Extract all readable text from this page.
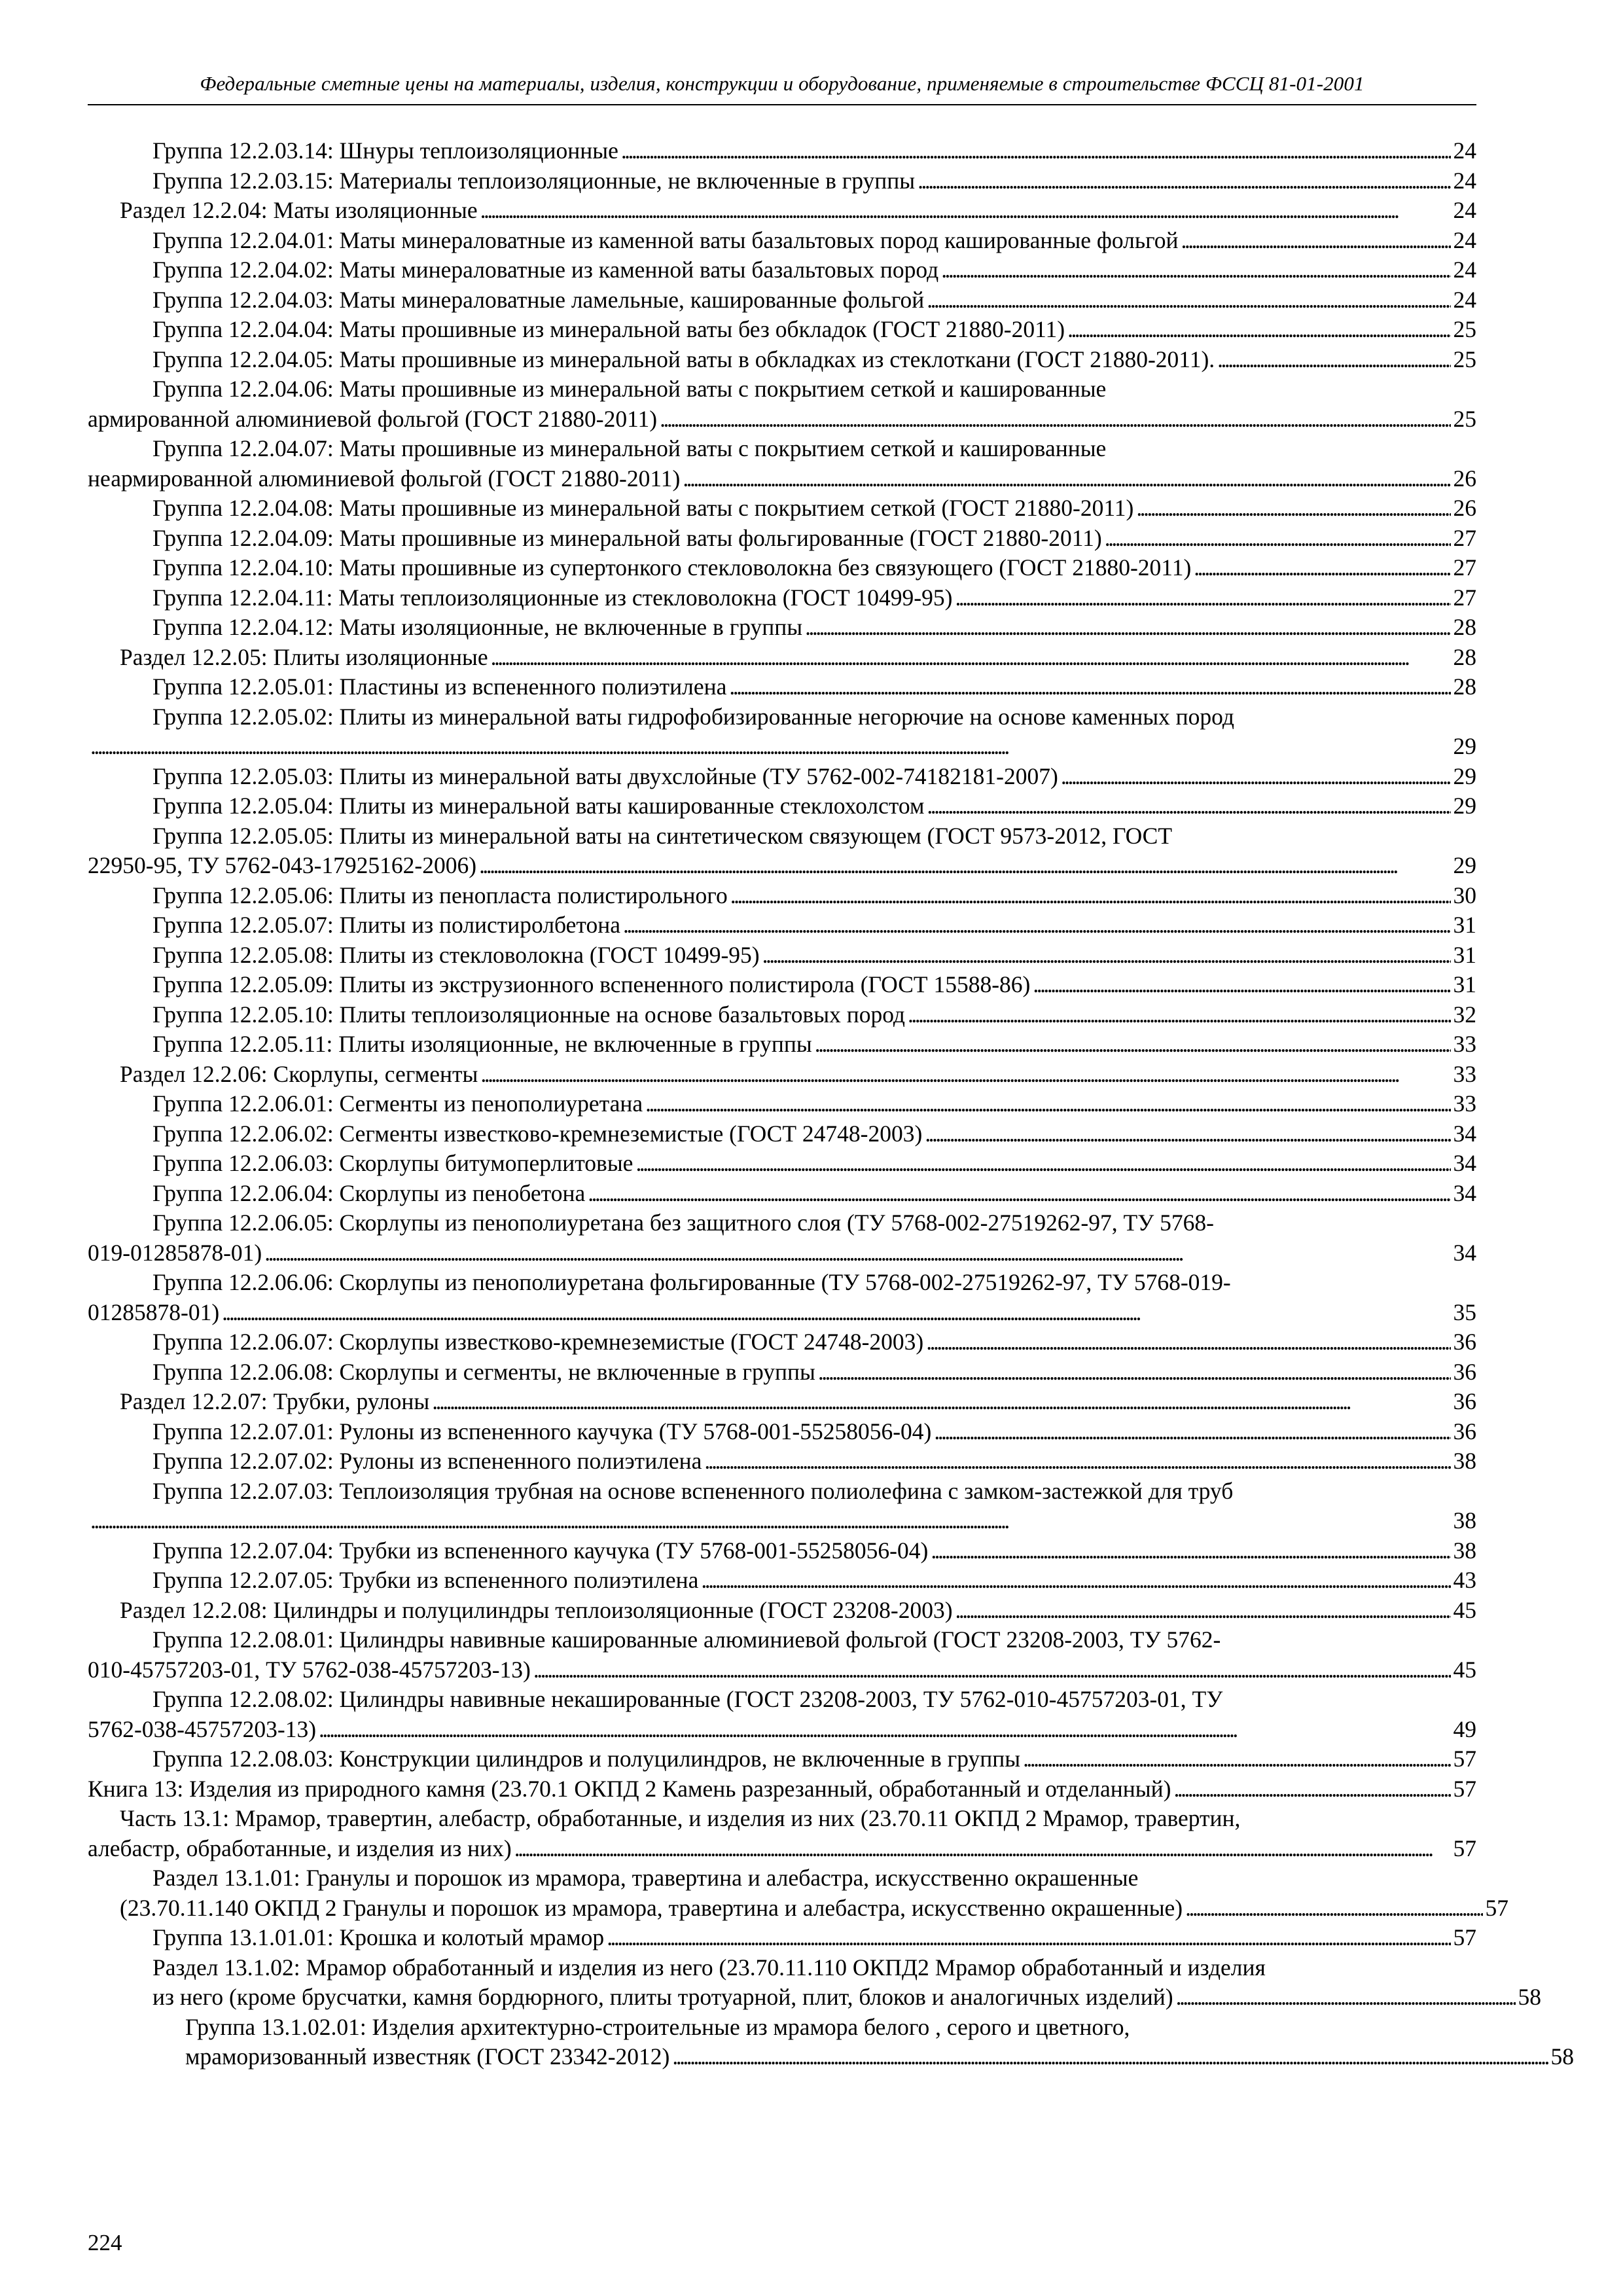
Федеральные сметные цены на материалы, изделия, конструкции и оборудование, применяемые в строительстве ФССЦ 81-01-2001
Группа 12.2.03.14: Шнуры теплоизоляционные . . .	24
Группа 12.2.03.15: Материалы теплоизоляционные, не включенные в группы . . .	24
Раздел 12.2.04: Маты изоляционные . . .	24
Группа 12.2.04.01: Маты минераловатные из каменной ваты базальтовых пород кашированные фольгой . . .	24
Группа 12.2.04.02: Маты минераловатные из каменной ваты базальтовых пород . . .	24
Группа 12.2.04.03: Маты минераловатные ламельные, кашированные фольгой . . .	24
Группа 12.2.04.04: Маты прошивные из минеральной ваты без обкладок (ГОСТ 21880-2011) . . .	25
Группа 12.2.04.05: Маты прошивные из минеральной ваты в обкладках из стеклоткани (ГОСТ 21880-2011). . . .	25
Группа 12.2.04.06: Маты прошивные из минеральной ваты с покрытием сеткой и кашированные
армированной алюминиевой фольгой (ГОСТ 21880-2011) . . .	25
Группа 12.2.04.07: Маты прошивные из минеральной ваты с покрытием сеткой и кашированные
неармированной алюминиевой фольгой (ГОСТ 21880-2011) . . .	26
Группа 12.2.04.08: Маты прошивные из минеральной ваты с покрытием сеткой (ГОСТ 21880-2011) . . .	26
Группа 12.2.04.09: Маты прошивные из минеральной ваты фольгированные (ГОСТ 21880-2011) . . .	27
Группа 12.2.04.10: Маты прошивные из супертонкого стекловолокна без связующего (ГОСТ 21880-2011) . . .	27
Группа 12.2.04.11: Маты теплоизоляционные из стекловолокна (ГОСТ 10499-95) . . .	27
Группа 12.2.04.12: Маты изоляционные, не включенные в группы . . .	28
Раздел 12.2.05: Плиты изоляционные . . .	28
Группа 12.2.05.01: Пластины из вспененного полиэтилена . . .	28
Группа 12.2.05.02: Плиты из минеральной ваты гидрофобизированные негорючие на основе каменных пород
. . .
29
Группа 12.2.05.03: Плиты из минеральной ваты двухслойные (ТУ 5762-002-74182181-2007) . . .	29
Группа 12.2.05.04: Плиты из минеральной ваты кашированные стеклохолстом . . .	29
Группа 12.2.05.05: Плиты из минеральной ваты на синтетическом связующем (ГОСТ 9573-2012, ГОСТ
22950-95, ТУ 5762-043-17925162-2006) . . .	29
Группа 12.2.05.06: Плиты из пенопласта полистирольного . . .	30
Группа 12.2.05.07: Плиты из полистиролбетона . . .	31
Группа 12.2.05.08: Плиты из стекловолокна (ГОСТ 10499-95) . . .	31
Группа 12.2.05.09: Плиты из экструзионного вспененного полистирола (ГОСТ 15588-86) . . .	31
Группа 12.2.05.10: Плиты теплоизоляционные на основе базальтовых пород . . .	32
Группа 12.2.05.11: Плиты изоляционные, не включенные в группы . . .	33
Раздел 12.2.06: Скорлупы, сегменты . . .	33
Группа 12.2.06.01: Сегменты из пенополиуретана . . .	33
Группа 12.2.06.02: Сегменты известково-кремнеземистые (ГОСТ 24748-2003) . . .	34
Группа 12.2.06.03: Скорлупы битумоперлитовые . . .	34
Группа 12.2.06.04: Скорлупы из пенобетона . . .	34
Группа 12.2.06.05: Скорлупы из пенополиуретана без защитного слоя (ТУ 5768-002-27519262-97, ТУ 5768-
019-01285878-01) . . .	34
Группа 12.2.06.06: Скорлупы из пенополиуретана фольгированные (ТУ 5768-002-27519262-97, ТУ 5768-019-
01285878-01) . . .	35
Группа 12.2.06.07: Скорлупы известково-кремнеземистые (ГОСТ 24748-2003) . . .	36
Группа 12.2.06.08: Скорлупы и сегменты, не включенные в группы . . .	36
Раздел 12.2.07: Трубки, рулоны . . .	36
Группа 12.2.07.01: Рулоны из вспененного каучука (ТУ 5768-001-55258056-04) . . .	36
Группа 12.2.07.02: Рулоны из вспененного полиэтилена . . .	38
Группа 12.2.07.03: Теплоизоляция трубная на основе вспененного полиолефина с замком-застежкой для труб
. . .
38
Группа 12.2.07.04: Трубки из вспененного каучука (ТУ 5768-001-55258056-04) . . .	38
Группа 12.2.07.05: Трубки из вспененного полиэтилена . . .	43
Раздел 12.2.08: Цилиндры и полуцилиндры теплоизоляционные (ГОСТ 23208-2003) . . .	45
Группа 12.2.08.01: Цилиндры навивные кашированные алюминиевой фольгой (ГОСТ 23208-2003, ТУ 5762-
010-45757203-01, ТУ 5762-038-45757203-13) . . .	45
Группа 12.2.08.02: Цилиндры навивные некашированные (ГОСТ 23208-2003, ТУ 5762-010-45757203-01, ТУ
5762-038-45757203-13) . . .	49
Группа 12.2.08.03: Конструкции цилиндров и полуцилиндров, не включенные в группы . . .	57
Книга 13: Изделия из природного камня (23.70.1 ОКПД 2 Камень разрезанный, обработанный и отделанный) . . .	57
Часть 13.1: Мрамор, травертин, алебастр, обработанные, и изделия из них (23.70.11 ОКПД 2 Мрамор, травертин,
алебастр, обработанные, и изделия из них) . . .	57
Раздел 13.1.01: Гранулы и порошок из мрамора, травертина и алебастра, искусственно окрашенные
(23.70.11.140 ОКПД 2 Гранулы и порошок из мрамора, травертина и алебастра, искусственно окрашенные) . . .	57
Группа 13.1.01.01: Крошка и колотый мрамор . . .	57
Раздел 13.1.02: Мрамор обработанный и изделия из него (23.70.11.110 ОКПД2 Мрамор обработанный и изделия
из него (кроме брусчатки, камня бордюрного, плиты тротуарной, плит, блоков и аналогичных изделий) . . .	58
Группа 13.1.02.01: Изделия архитектурно-строительные из мрамора белого , серого и цветного,
мраморизованный известняк (ГОСТ 23342-2012) . . .	58
224
